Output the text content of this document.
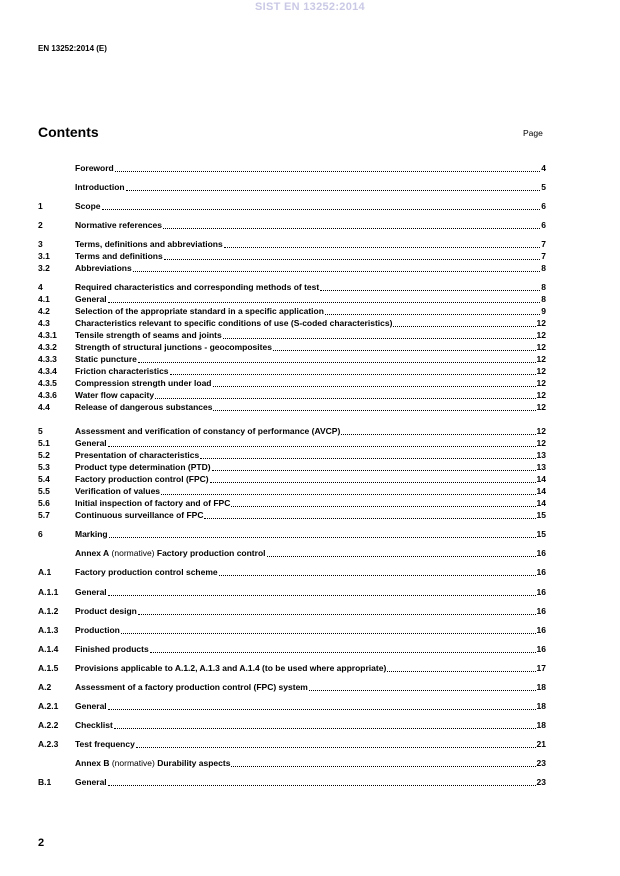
SIST EN 13252:2014
EN 13252:2014 (E)
Contents	Page
Foreword	4
Introduction	5
1	Scope	6
2	Normative references	6
3	Terms, definitions and abbreviations	7
3.1	Terms and definitions	7
3.2	Abbreviations	8
4	Required characteristics and corresponding methods of test	8
4.1	General	8
4.2	Selection of the appropriate standard in a specific application	9
4.3	Characteristics relevant to specific conditions of use (S-coded characteristics)	12
4.3.1	Tensile strength of seams and joints	12
4.3.2	Strength of structural junctions - geocomposites	12
4.3.3	Static puncture	12
4.3.4	Friction characteristics	12
4.3.5	Compression strength under load	12
4.3.6	Water flow capacity	12
4.4	Release of dangerous substances	12
5	Assessment and verification of constancy of performance (AVCP)	12
5.1	General	12
5.2	Presentation of characteristics	13
5.3	Product type determination (PTD)	13
5.4	Factory production control (FPC)	14
5.5	Verification of values	14
5.6	Initial inspection of factory and of FPC	14
5.7	Continuous surveillance of FPC	15
6	Marking	15
Annex A (normative) Factory production control	16
A.1	Factory production control scheme	16
A.1.1	General	16
A.1.2	Product design	16
A.1.3	Production	16
A.1.4	Finished products	16
A.1.5	Provisions applicable to A.1.2, A.1.3 and A.1.4 (to be used where appropriate)	17
A.2	Assessment of a factory production control (FPC) system	18
A.2.1	General	18
A.2.2	Checklist	18
A.2.3	Test frequency	21
Annex B (normative) Durability aspects	23
B.1	General	23
2
